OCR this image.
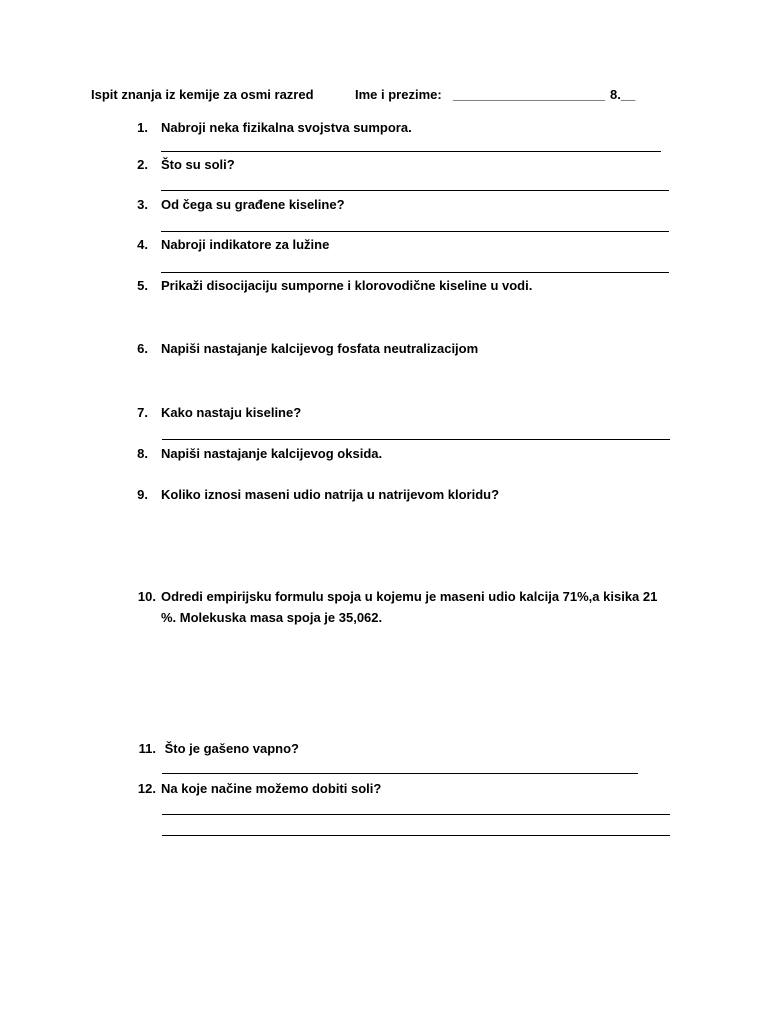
Ispit znanja iz kemije za osmi razred	Ime i prezime: _____________________ 8.__
1. Nabroji neka fizikalna svojstva sumpora.
2. Što su soli?
3. Od čega su građene kiseline?
4. Nabroji indikatore za lužine
5. Prikaži disocijaciju sumporne i klorovodične kiseline u vodi.
6. Napiši nastajanje kalcijevog fosfata neutralizacijom
7. Kako nastaju kiseline?
8. Napiši nastajanje kalcijevog oksida.
9. Koliko iznosi maseni udio natrija u natrijevom kloridu?
10. Odredi empirijsku formulu spoja u kojemu je maseni udio kalcija 71%,a kisika 21
%. Molekuska masa spoja je 35,062.
11. Što je gašeno vapno?
12. Na koje načine možemo dobiti soli?
